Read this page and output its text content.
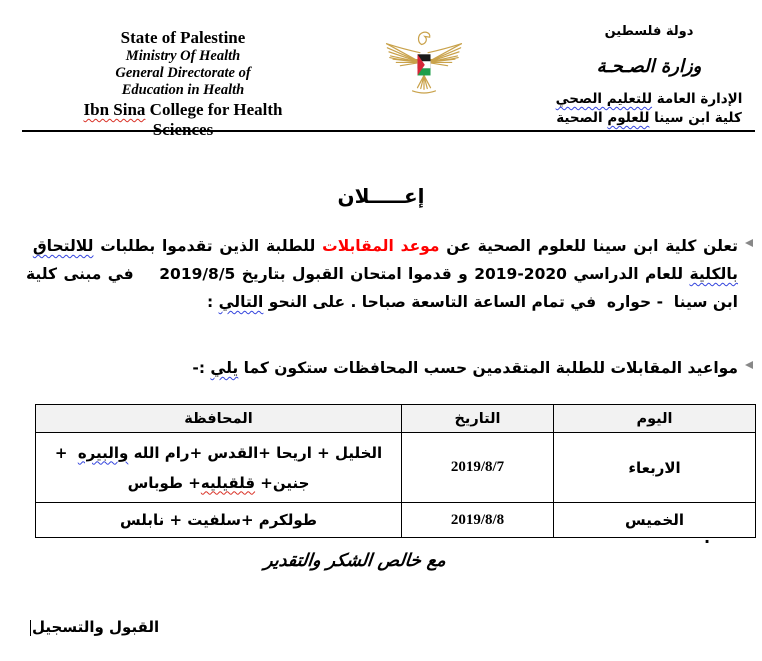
State of Palestine
Ministry Of Health
General Directorate of
Education in Health
Ibn Sina College for Health Sciences
دولة فلسطين
وزارة الصـحـة
الإدارة العامة للتعليم الصحي
كلية ابن سينا للعلوم الصحية
إعـــــلان
تعلن كلية ابن سينا للعلوم الصحية عن موعد المقابلات للطلبة الذين تقدموا بطلبات للالتحاق  بالكلية للعام الدراسي 2020-2019 و قدموا امتحان القبول بتاريخ 2019/8/5    في مبنى كلية ابن سينا  - حواره  في تمام الساعة التاسعة صباحا . على النحو التالي :
مواعيد المقابلات للطلبة المتقدمين حسب المحافظات ستكون كما يلي :-
اليوم	التاريخ	المحافظة
الاربعاء	2019/8/7	الخليل + اريحا +القدس +رام الله والبيره  + جنين+ قلقيليه+ طوباس
الخميس	2019/8/8	طولكرم +سلفيت + نابلس
.
مع خالص الشكر والتقدير
القبول والتسجيل
